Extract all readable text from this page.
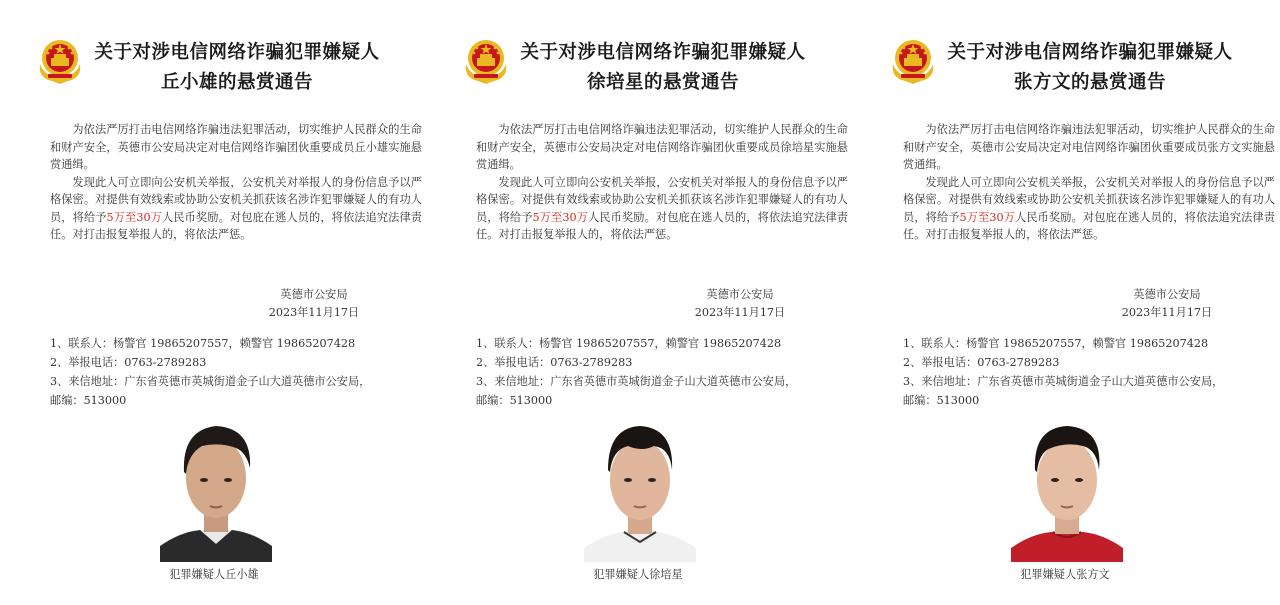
关于对涉电信网络诈骗犯罪嫌疑人
丘小雄的悬赏通告

为依法严厉打击电信网络诈骗违法犯罪活动，切实维护人民群众的生命和财产安全，英德市公安局决定对电信网络诈骗团伙重要成员丘小雄实施悬赏通缉。

发现此人可立即向公安机关举报，公安机关对举报人的身份信息予以严格保密。对提供有效线索或协助公安机关抓获该名涉诈犯罪嫌疑人的有功人员，将给予5万至30万人民币奖励。对包庇在逃人员的，将依法追究法律责任。对打击报复举报人的，将依法严惩。

英德市公安局
2023年11月17日
1、联系人：杨警官 19865207557，赖警官 19865207428
2、举报电话：0763-2789283
3、来信地址：广东省英德市英城街道金子山大道英德市公安局，
邮编：513000
犯罪嫌疑人丘小雄
关于对涉电信网络诈骗犯罪嫌疑人
徐培星的悬赏通告

为依法严厉打击电信网络诈骗违法犯罪活动，切实维护人民群众的生命和财产安全，英德市公安局决定对电信网络诈骗团伙重要成员徐培星实施悬赏通缉。

发现此人可立即向公安机关举报，公安机关对举报人的身份信息予以严格保密。对提供有效线索或协助公安机关抓获该名涉诈犯罪嫌疑人的有功人员，将给予5万至30万人民币奖励。对包庇在逃人员的，将依法追究法律责任。对打击报复举报人的，将依法严惩。

英德市公安局
2023年11月17日
1、联系人：杨警官 19865207557，赖警官 19865207428
2、举报电话：0763-2789283
3、来信地址：广东省英德市英城街道金子山大道英德市公安局，
邮编：513000
犯罪嫌疑人徐培星
关于对涉电信网络诈骗犯罪嫌疑人
张方文的悬赏通告

为依法严厉打击电信网络诈骗违法犯罪活动，切实维护人民群众的生命和财产安全，英德市公安局决定对电信网络诈骗团伙重要成员张方文实施悬赏通缉。

发现此人可立即向公安机关举报，公安机关对举报人的身份信息予以严格保密。对提供有效线索或协助公安机关抓获该名涉诈犯罪嫌疑人的有功人员，将给予5万至30万人民币奖励。对包庇在逃人员的，将依法追究法律责任。对打击报复举报人的，将依法严惩。

英德市公安局
2023年11月17日
1、联系人：杨警官 19865207557，赖警官 19865207428
2、举报电话：0763-2789283
3、来信地址：广东省英德市英城街道金子山大道英德市公安局，
邮编：513000
犯罪嫌疑人张方文
